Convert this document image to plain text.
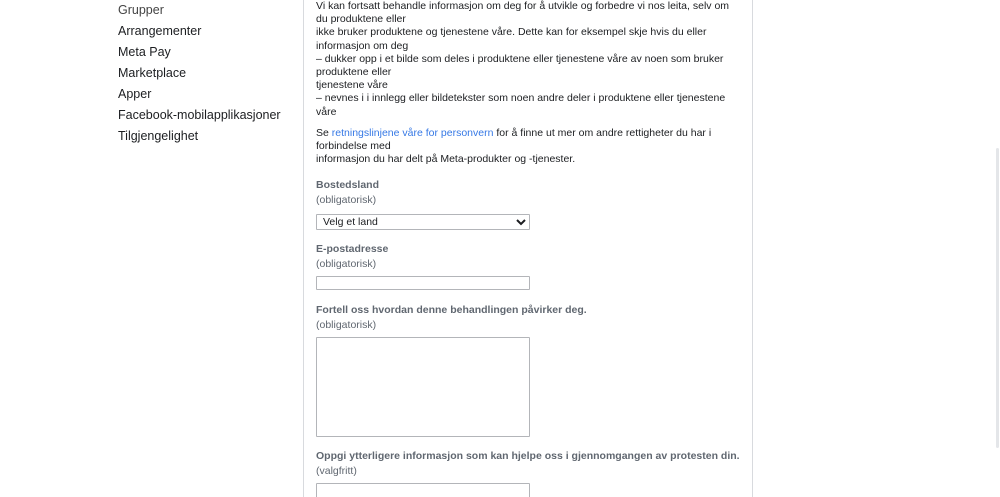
Grupper
Arrangementer
Meta Pay
Marketplace
Apper
Facebook-mobilapplikasjoner
Tilgjengelighet

Vi kan fortsatt behandle informasjon om deg for å utvikle og forbedre vi nos leita, selv om du produktene eller

ikke bruker produktene og tjenestene våre. Dette kan for eksempel skje hvis du eller informasjon om deg

– dukker opp i et bilde som deles i produktene eller tjenestene våre av noen som bruker produktene eller

tjenestene våre

– nevnes i i innlegg eller bildetekster som noen andre deler i produktene eller tjenestene våre

Se retningslinjene våre for personvern for å finne ut mer om andre rettigheter du har i forbindelse med

informasjon du har delt på Meta-produkter og -tjenester.

Bostedsland
(obligatorisk)
Velg et land
E-postadresse
(obligatorisk)
Fortell oss hvordan denne behandlingen påvirker deg.
(obligatorisk)
Oppgi ytterligere informasjon som kan hjelpe oss i gjennomgangen av protesten din.
(valgfritt)
